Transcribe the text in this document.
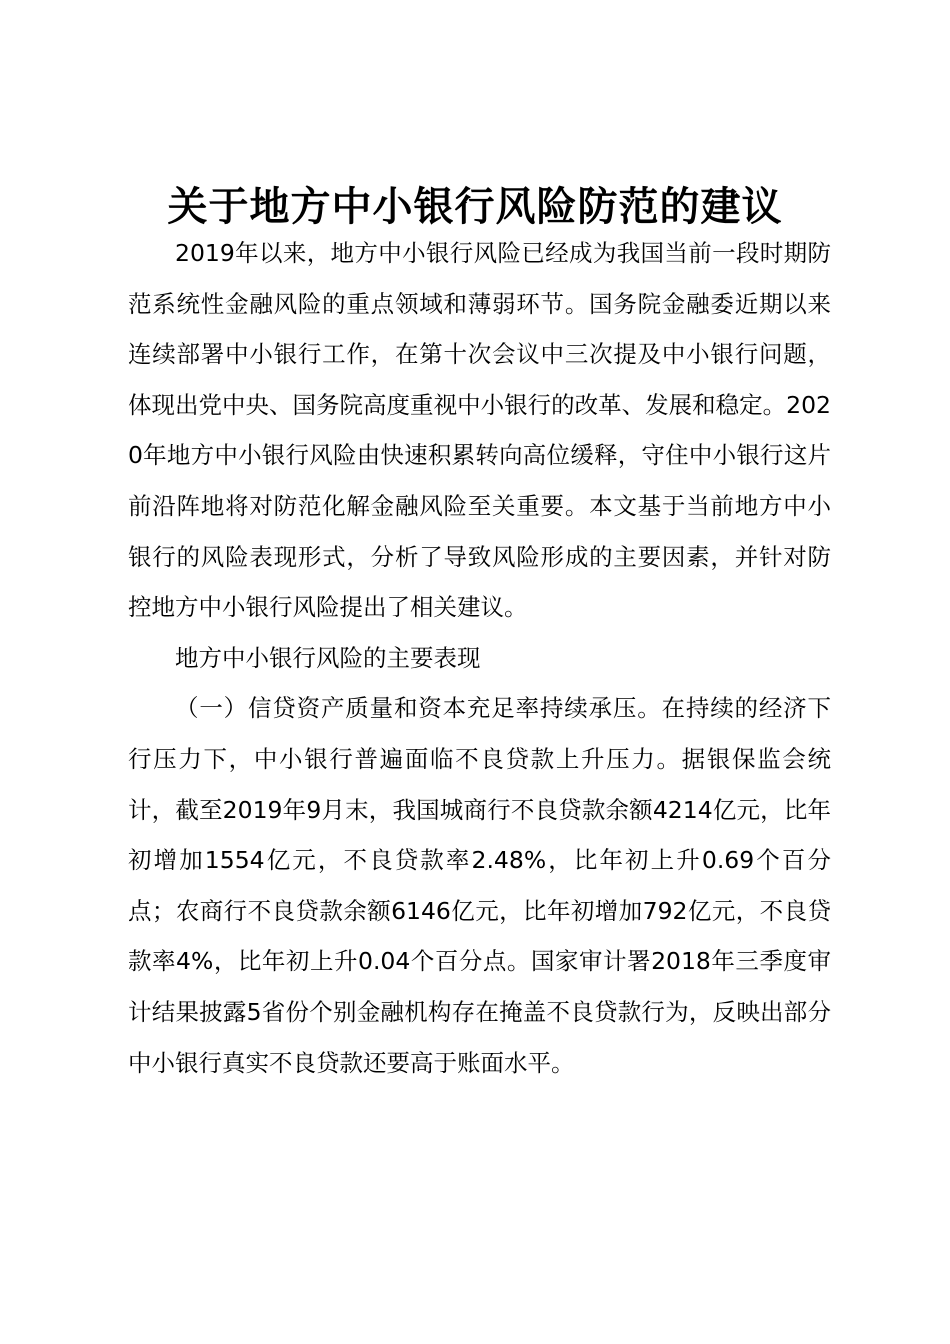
关于地方中小银行风险防范的建议

2019年以来，地方中小银行风险已经成为我国当前一段时期防范系统性金融风险的重点领域和薄弱环节。国务院金融委近期以来连续部署中小银行工作，在第十次会议中三次提及中小银行问题，体现出党中央、国务院高度重视中小银行的改革、发展和稳定。2020年地方中小银行风险由快速积累转向高位缓释，守住中小银行这片前沿阵地将对防范化解金融风险至关重要。本文基于当前地方中小银行的风险表现形式，分析了导致风险形成的主要因素，并针对防控地方中小银行风险提出了相关建议。

地方中小银行风险的主要表现

（一）信贷资产质量和资本充足率持续承压。在持续的经济下行压力下，中小银行普遍面临不良贷款上升压力。据银保监会统计，截至2019年9月末，我国城商行不良贷款余额4214亿元，比年初增加1554亿元，不良贷款率2.48%，比年初上升0.69个百分点；农商行不良贷款余额6146亿元，比年初增加792亿元，不良贷款率4%，比年初上升0.04个百分点。国家审计署2018年三季度审计结果披露5省份个别金融机构存在掩盖不良贷款行为，反映出部分中小银行真实不良贷款还要高于账面水平。
